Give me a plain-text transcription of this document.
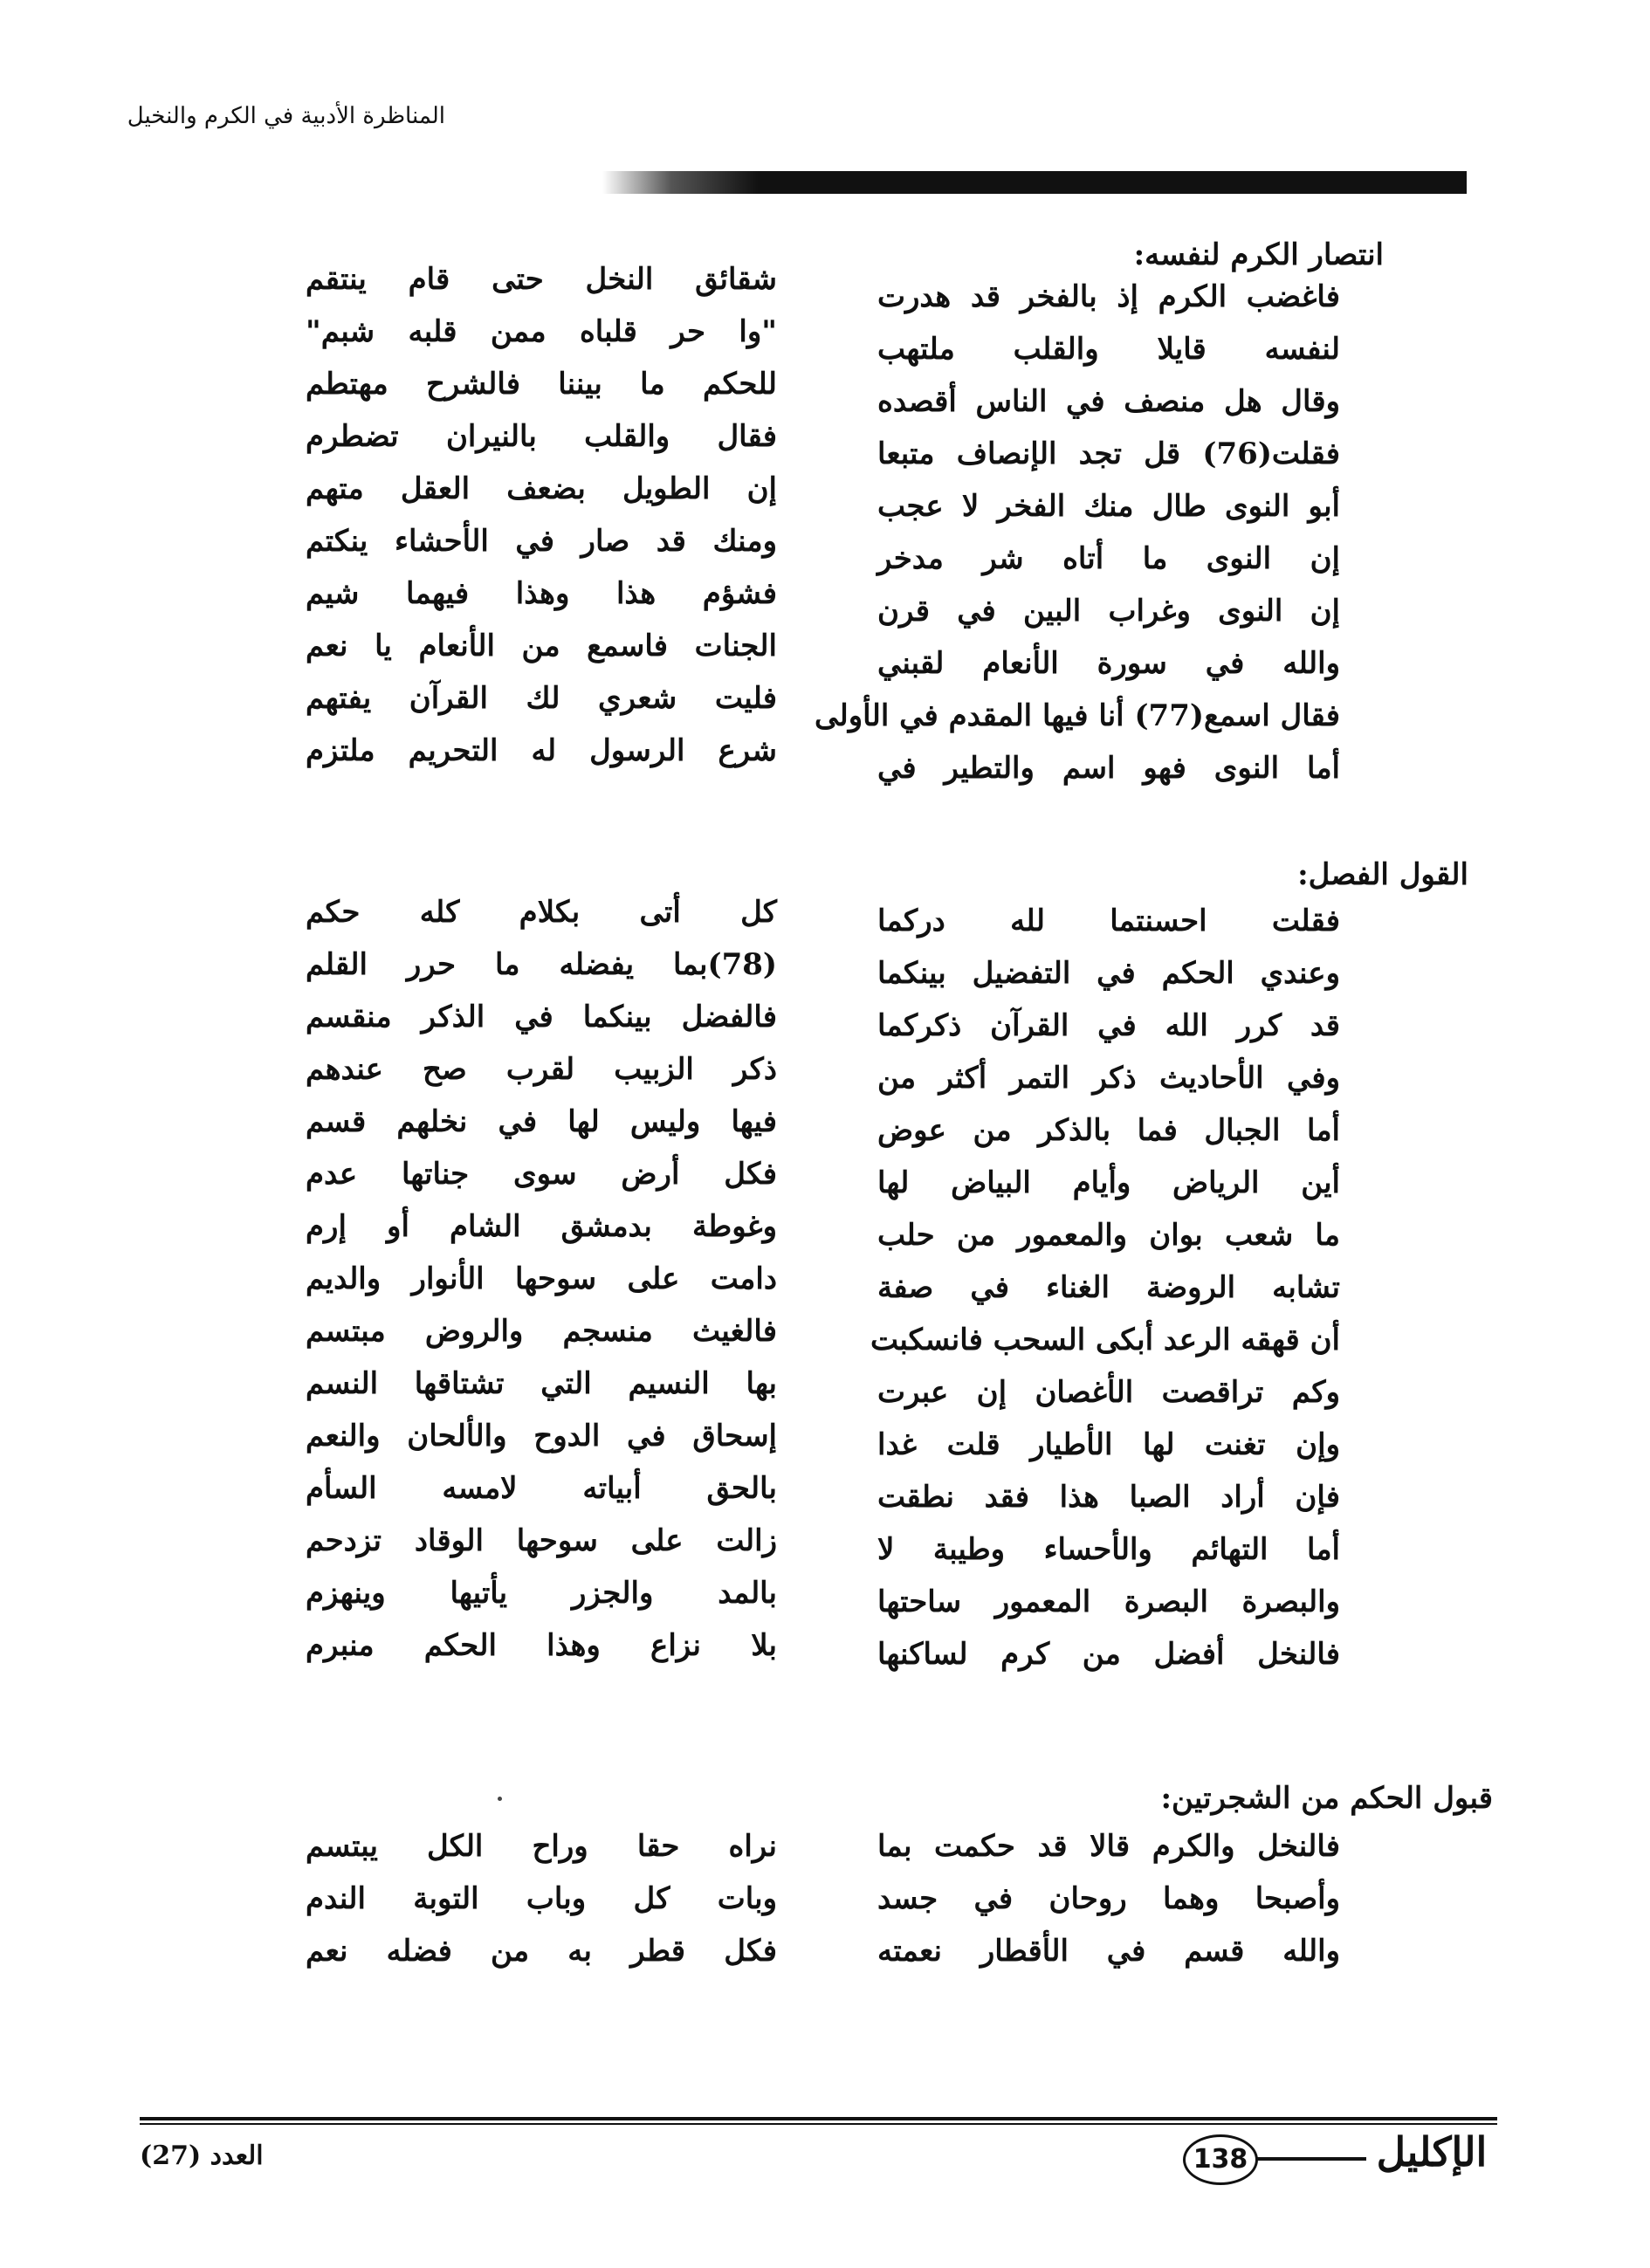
المناظرة الأدبية في الكرم والنخيل
انتصار الكرم لنفسه:
فاغضب الكرم إذ بالفخر قد هدرت
لنفسه قايلا والقلب ملتهب
وقال هل منصف في الناس أقصده
فقلت(76) قل تجد الإنصاف متبعا
أبو النوى طال منك الفخر لا عجب
إن النوى ما أتاه شر مدخر
إن النوى وغراب البين في قرن
والله في سورة الأنعام لقبني
فقال اسمع(77) أنا فيها المقدم في الأولى
أما النوى فهو اسم والتطير في
شقائق النخل حتى قام ينتقم
"وا حر قلباه ممن قلبه شبم"
للحكم ما بيننا فالشرح مهتطم
فقال والقلب بالنيران تضطرم
إن الطويل بضعف العقل متهم
ومنك قد صار في الأحشاء ينكتم
فشؤم هذا وهذا فيهما شيم
الجنات فاسمع من الأنعام يا نعم
فليت شعري لك القرآن يفتهم
شرع الرسول له التحريم ملتزم
القول الفصل:
فقلت احسنتما لله دركما
وعندي الحكم في التفضيل بينكما
قد كرر الله في القرآن ذكركما
وفي الأحاديث ذكر التمر أكثر من
أما الجبال فما بالذكر من عوض
أين الرياض وأيام البياض لها
ما شعب بوان والمعمور من حلب
تشابه الروضة الغناء في صفة
أن قهقه الرعد أبكى السحب فانسكبت
وكم تراقصت الأغصان إن عبرت
وإن تغنت لها الأطيار قلت غدا
فإن أراد الصبا هذا فقد نطقت
أما التهائم والأحساء وطيبة لا
والبصرة البصرة المعمور ساحتها
فالنخل أفضل من كرم لساكنها
كل أتى بكلام كله حكم
(78)بما يفضله ما حرر القلم
فالفضل بينكما في الذكر منقسم
ذكر الزبيب لقرب صح عندهم
فيها وليس لها في نخلهم قسم
فكل أرض سوى جناتها عدم
وغوطة بدمشق الشام أو إرم
دامت على سوحها الأنوار والديم
فالغيث منسجم والروض مبتسم
بها النسيم التي تشتاقها النسم
إسحاق في الدوح والألحان والنعم
بالحق أبياته لامسه السأم
زالت على سوحها الوقاد تزدحم
بالمد والجزر يأتيها وينهزم
بلا نزاع وهذا الحكم منبرم
قبول الحكم من الشجرتين:
فالنخل والكرم قالا قد حكمت بما
وأصبحا وهما روحان في جسد
والله قسم في الأقطار نعمته
نراه حقا وراح الكل يبتسم
وبات كل وباب التوبة الندم
فكل قطر به من فضله نعم
الإكليل
138
العدد (27)
